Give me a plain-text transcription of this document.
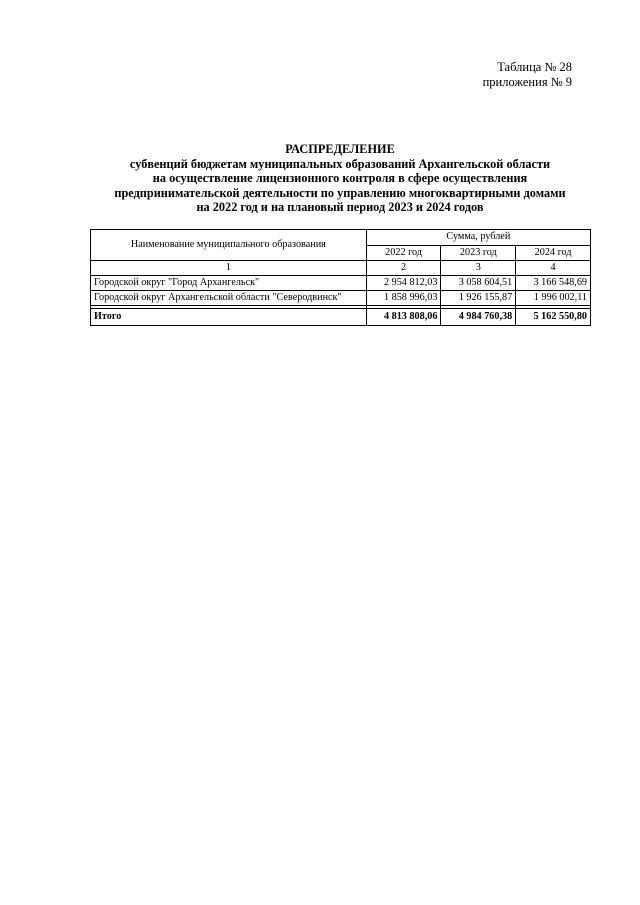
Таблица № 28
приложения № 9
РАСПРЕДЕЛЕНИЕ
субвенций бюджетам муниципальных образований Архангельской области
на осуществление лицензионного контроля в сфере осуществления
предпринимательской деятельности по управлению многоквартирными домами
на 2022 год и на плановый период 2023 и 2024 годов
Наименование муниципального образования	Сумма, рублей		
	2022 год	2023 год	2024 год
1	2	3	4
Городской округ "Город Архангельск"	2 954 812,03	3 058 604,51	3 166 548,69
Городской округ Архангельской области "Северодвинск"	1 858 996,03	1 926 155,87	1 996 002,11

Итого	4 813 808,06	4 984 760,38	5 162 550,80
